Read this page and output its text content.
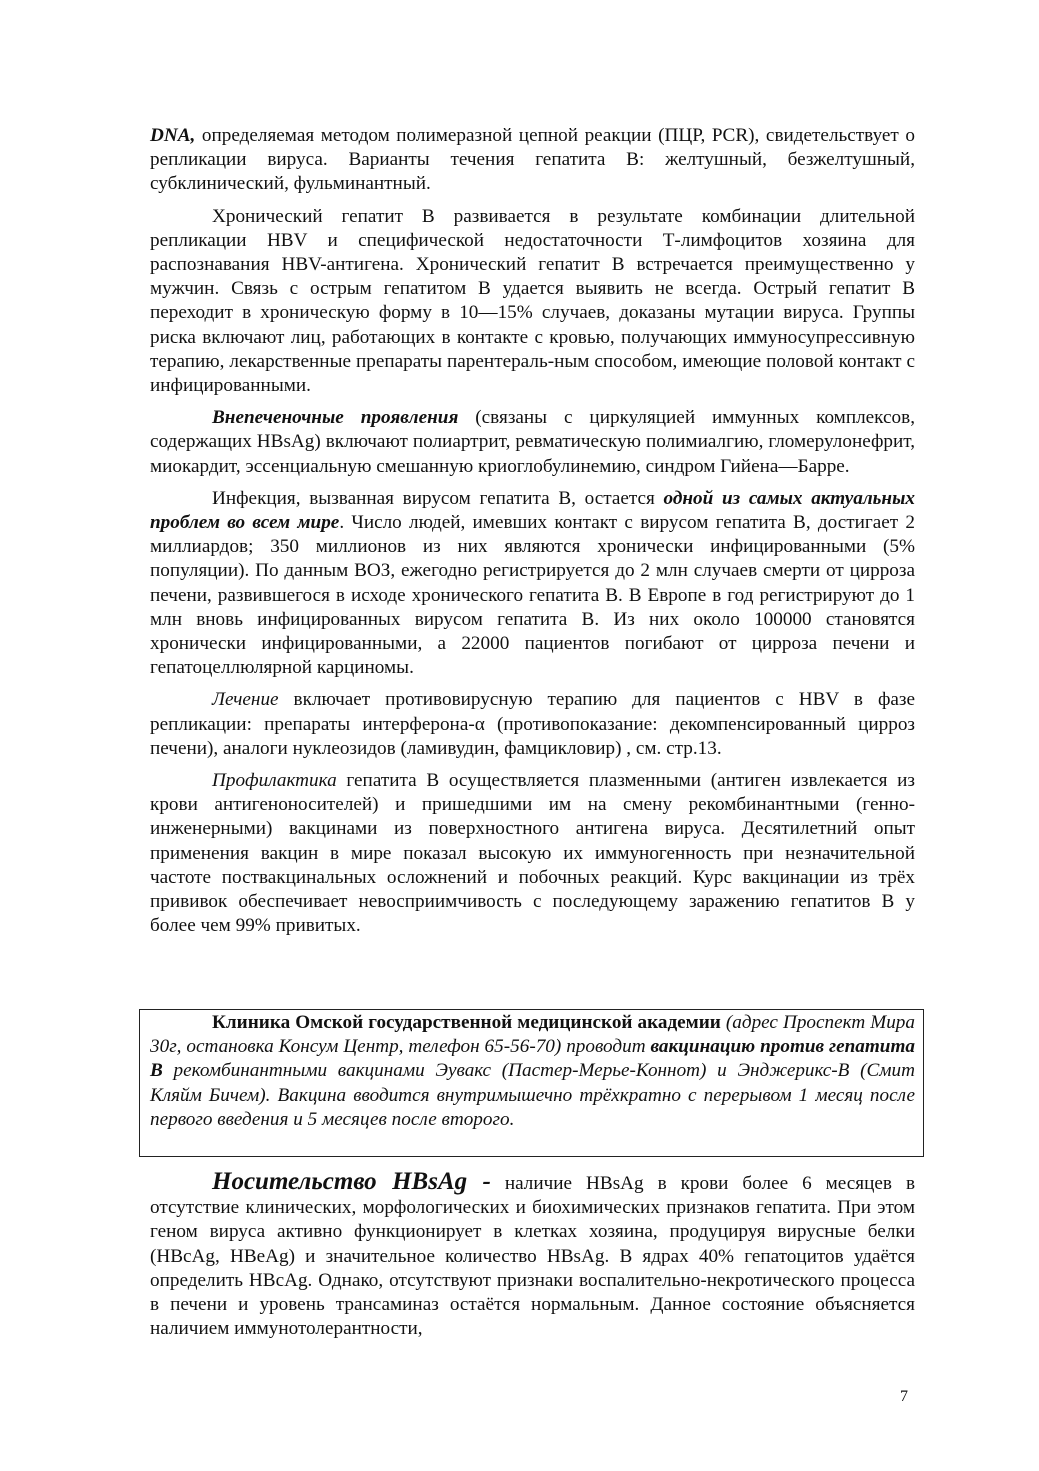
DNA, определяемая методом полимеразной цепной реакции (ПЦР, PCR), свидетельствует о репликации вируса. Варианты течения гепатита В: желтушный, безжелтушный, субклинический, фульминантный.

Хронический гепатит В развивается в результате комбинации длительной репликации HBV и специфической недостаточности Т-лимфоцитов хозяина для распознавания HBV-антигена. Хронический гепатит В встречается преимущественно у мужчин. Связь с острым гепатитом В удается выявить не всегда. Острый гепатит В переходит в хроническую форму в 10—15% случаев, доказаны мутации вируса. Группы риска включают лиц, работающих в контакте с кровью, получающих иммуносупрессивную терапию, лекарственные препараты парентераль-ным способом, имеющие половой контакт с инфицированными.

Внепеченочные проявления (связаны с циркуляцией иммунных комплексов, содержащих HBsAg) включают полиартрит, ревматическую полимиалгию, гломерулонефрит, миокардит, эссенциальную смешанную криоглобулинемию, синдром Гийена—Барре.

Инфекция, вызванная вирусом гепатита В, остается одной из самых актуальных проблем во всем мире. Число людей, имевших контакт с вирусом гепатита В, достигает 2 миллиардов; 350 миллионов из них являются хронически инфицированными (5% популяции). По данным ВОЗ, ежегодно регистрируется до 2 млн случаев смерти от цирроза печени, развившегося в исходе хронического гепатита В. В Европе в год регистрируют до 1 млн вновь инфицированных вирусом гепатита В. Из них около 100000 становятся хронически инфицированными, а 22000 пациентов погибают от цирроза печени и гепатоцеллюлярной карциномы.

Лечение включает противовирусную терапию для пациентов с HBV в фазе репликации: препараты интерферона-α (противопоказание: декомпенсированный цирроз печени), аналоги нуклеозидов (ламивудин, фамцикловир) , см. стр.13.

Профилактика гепатита В осуществляется плазменными (антиген извлекается из крови антигеноносителей) и пришедшими им на смену рекомбинантными (генно-инженерными) вакцинами из поверхностного антигена вируса. Десятилетний опыт применения вакцин в мире показал высокую их иммуногенность при незначительной частоте поствакцинальных осложнений и побочных реакций. Курс вакцинации из трёх прививок обеспечивает невосприимчивость с последующему заражению гепатитов В у более чем 99% привитых.

Клиника Омской государственной медицинской академии (адрес Проспект Мира 30г, остановка Консум Центр, телефон 65-56-70) проводит вакцинацию против гепатита В рекомбинантными вакцинами Эувакс (Пастер-Мерье-Коннот) и Энджерикс-В (Смит Кляйм Бичем). Вакцина вводится внутримышечно трёхкратно с перерывом 1 месяц после первого введения и 5 месяцев после второго.
Носительство HBsAg - наличие HBsAg в крови более 6 месяцев в отсутствие клинических, морфологических и биохимических признаков гепатита. При этом геном вируса активно функционирует в клетках хозяина, продуцируя вирусные белки (HBcAg, HBeAg) и значительное количество HBsAg. В ядрах 40% гепатоцитов удаётся определить HBcAg. Однако, отсутствуют признаки воспалительно-некротического процесса в печени и уровень трансаминаз остаётся нормальным. Данное состояние объясняется наличием иммунотолерантности,
7
